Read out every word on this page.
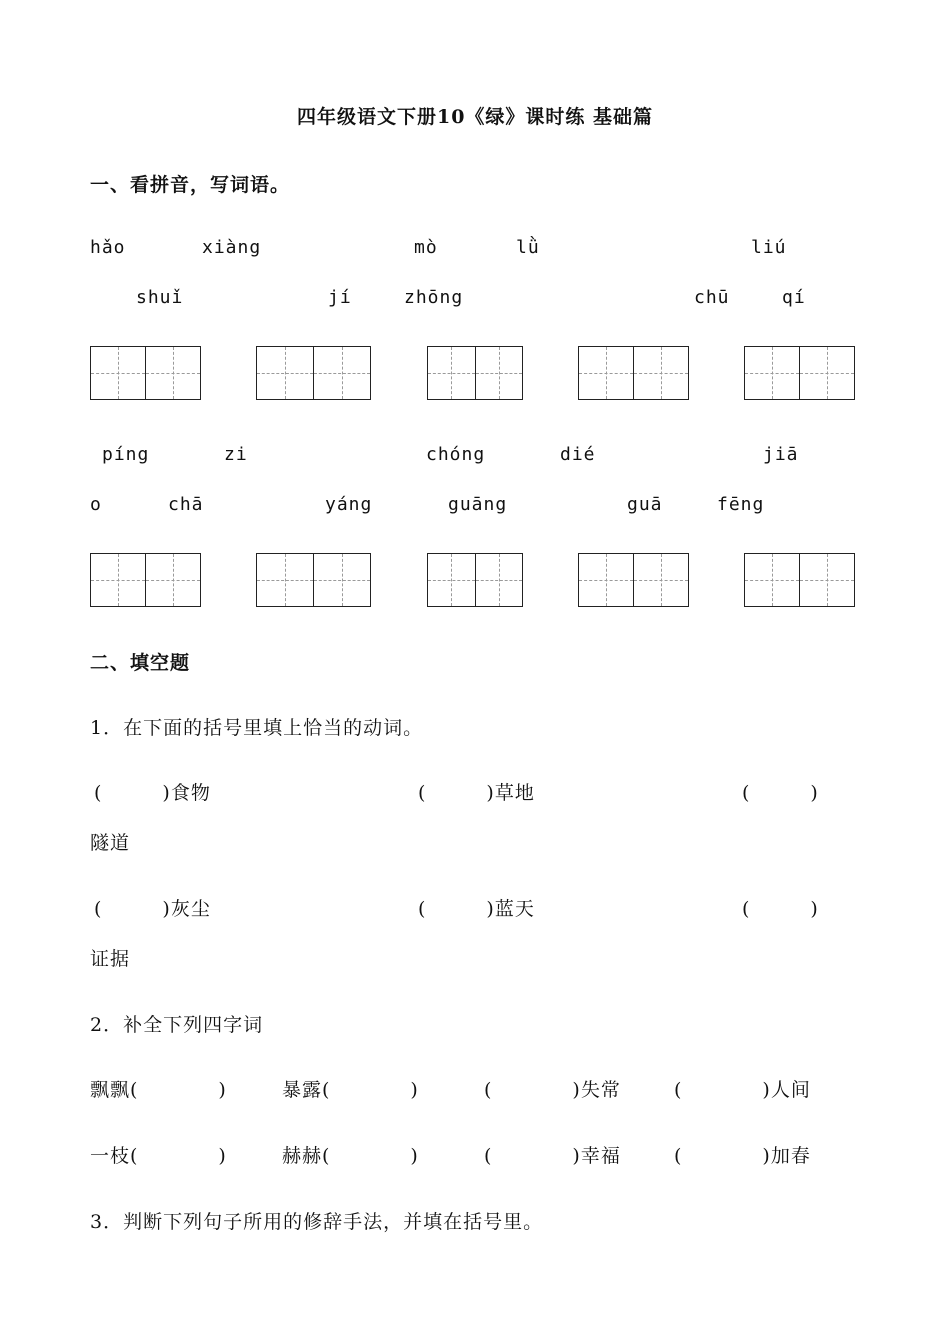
四年级语文下册10《绿》课时练 基础篇
一、看拼音，写词语。
hǎo	xiàng	mò	lǜ	liú
shuǐ	jí	zhōng	chū	qí
píng	zi	chóng	dié	jiā
o	chā	yáng	guāng	guā	fēng
二、填空题
1．在下面的括号里填上恰当的动词。
(　　　)食物	(　　　)草地	(　　　)
隧道
(　　　)灰尘	(　　　)蓝天	(　　　)
证据
2．补全下列四字词
飘飘(　　　　)	暴露(　　　　)	(　　　　)失常	(　　　　)人间
一枝(　　　　)	赫赫(　　　　)	(　　　　)幸福	(　　　　)加春
3．判断下列句子所用的修辞手法，并填在括号里。
